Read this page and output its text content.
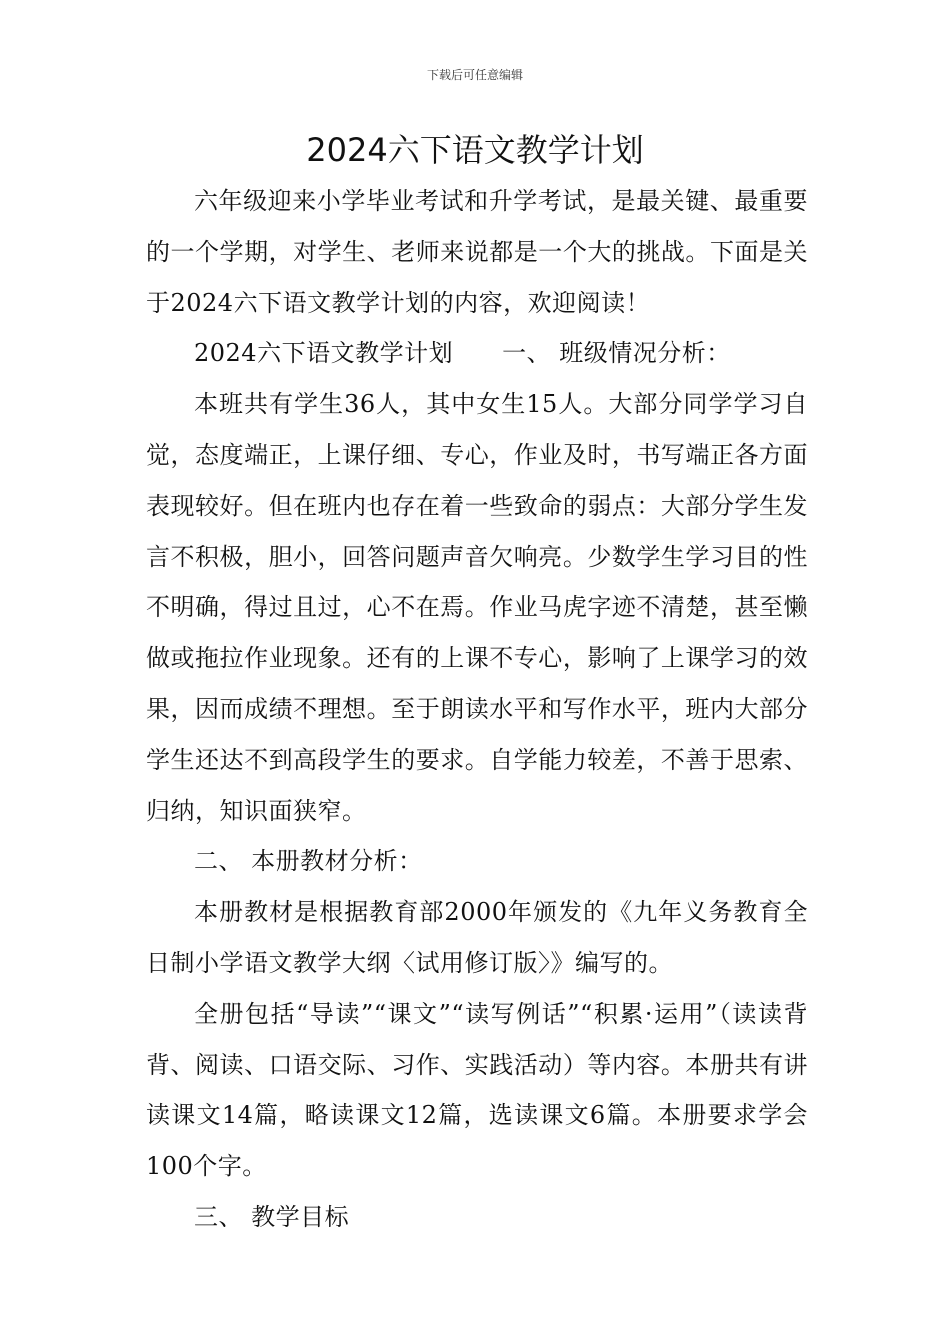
下载后可任意编辑
2024六下语文教学计划

六年级迎来小学毕业考试和升学考试，是最关键、最重要的一个学期，对学生、老师来说都是一个大的挑战。下面是关于2024六下语文教学计划的内容，欢迎阅读！

2024六下语文教学计划　　一、 班级情况分析：

本班共有学生36人，其中女生15人。大部分同学学习自觉，态度端正，上课仔细、专心，作业及时，书写端正各方面表现较好。但在班内也存在着一些致命的弱点：大部分学生发言不积极，胆小，回答问题声音欠响亮。少数学生学习目的性不明确，得过且过，心不在焉。作业马虎字迹不清楚，甚至懒做或拖拉作业现象。还有的上课不专心，影响了上课学习的效果，因而成绩不理想。至于朗读水平和写作水平，班内大部分学生还达不到高段学生的要求。自学能力较差，不善于思索、归纳，知识面狭窄。

二、 本册教材分析：

本册教材是根据教育部2000年颁发的《九年义务教育全日制小学语文教学大纲〈试用修订版〉》编写的。

全册包括“导读”“课文”“读写例话”“积累·运用”（读读背背、阅读、口语交际、习作、实践活动）等内容。本册共有讲读课文14篇，略读课文12篇，选读课文6篇。本册要求学会100个字。

三、 教学目标
